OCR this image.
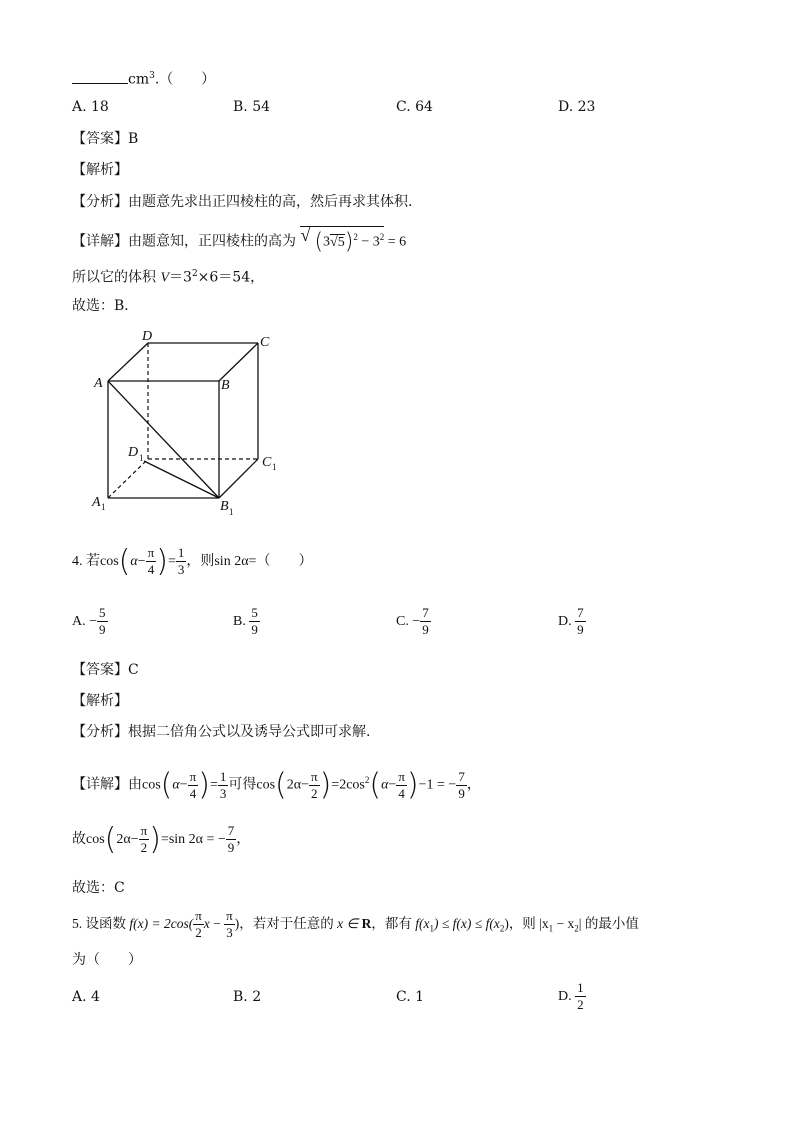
$cm^3$.（　　）
A. 18	B. 54	C. 64	D. 23
【答案】B
【解析】
【分析】由题意先求出正四棱柱的高，然后再求其体积.
【详解】由题意知，正四棱柱的高为 √ $(3√5)^2 - 3^2 = 6$
所以它的体积 $V=3^2\times 6=54$，
故选：B．
D	C
A	B
D 1	C 1
A 1	B 1
4. 若$\cos(\alpha- \frac{\pi}{4}$ )= $\frac{1}{3}$ ，则sin 2α=（　　）
A. − $\frac{5}{9}$	B. $\frac{5}{9}$	C. − $\frac{7}{9}$	D. $\frac{7}{9}$
【答案】C
【解析】
【分析】根据二倍角公式以及诱导公式即可求解.
【详解】由$\cos(\alpha- \frac{\pi}{4}$ )= $\frac{1}{3}$ 可得$\cos(2\alpha- \frac{\pi}{2} )=2\cos^2(\alpha- \frac{\pi}{4} )-1$ = − $\frac{7}{9}$ ，
故$\cos(2\alpha- \frac{\pi}{2} )=\sin$ 2α = − $\frac{7}{9}$ ，
故选：C
5. 设函数 $f(x) = 2\cos( \frac{\pi}{2}$ $x - \frac{\pi}{3}$ )，若对于任意的 x ∈ R，都有 $f(x_1) \le f(x) \le f(x_2)$，则 $|x_1 - x_2|$ 的最小值
为（　　）
A. 4	B. 2	C. 1	D. $\frac{1}{2}$
